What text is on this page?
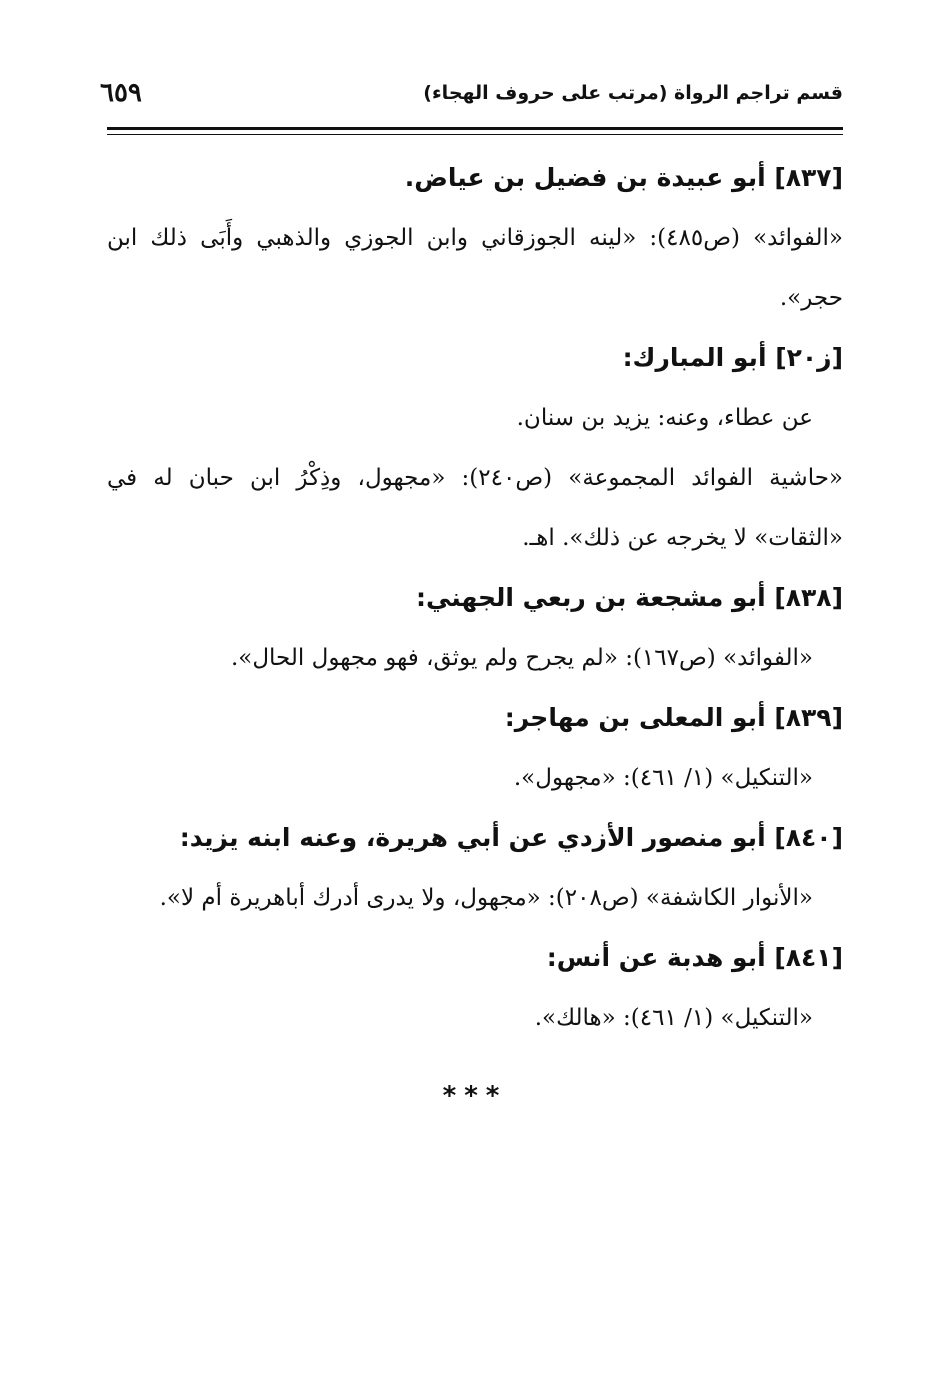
قسم تراجم الرواة (مرتب على حروف الهجاء)
٦٥٩

[٨٣٧] أبو عبيدة بن فضيل بن عياض.

«الفوائد» (ص٤٨٥): «لينه الجوزقاني وابن الجوزي والذهبي وأَبَى ذلك ابن حجر».

[ز٢٠] أبو المبارك:

عن عطاء، وعنه: يزيد بن سنان.

«حاشية الفوائد المجموعة» (ص٢٤٠): «مجهول، وذِكْرُ ابن حبان له في «الثقات» لا يخرجه عن ذلك». اهـ.

[٨٣٨] أبو مشجعة بن ربعي الجهني:

«الفوائد» (ص١٦٧): «لم يجرح ولم يوثق، فهو مجهول الحال».

[٨٣٩] أبو المعلى بن مهاجر:

«التنكيل» (١/ ٤٦١): «مجهول».

[٨٤٠] أبو منصور الأزدي عن أبي هريرة، وعنه ابنه يزيد:

«الأنوار الكاشفة» (ص٢٠٨): «مجهول، ولا يدرى أدرك أباهريرة أم لا».

[٨٤١] أبو هدبة عن أنس:

«التنكيل» (١/ ٤٦١): «هالك».

***
